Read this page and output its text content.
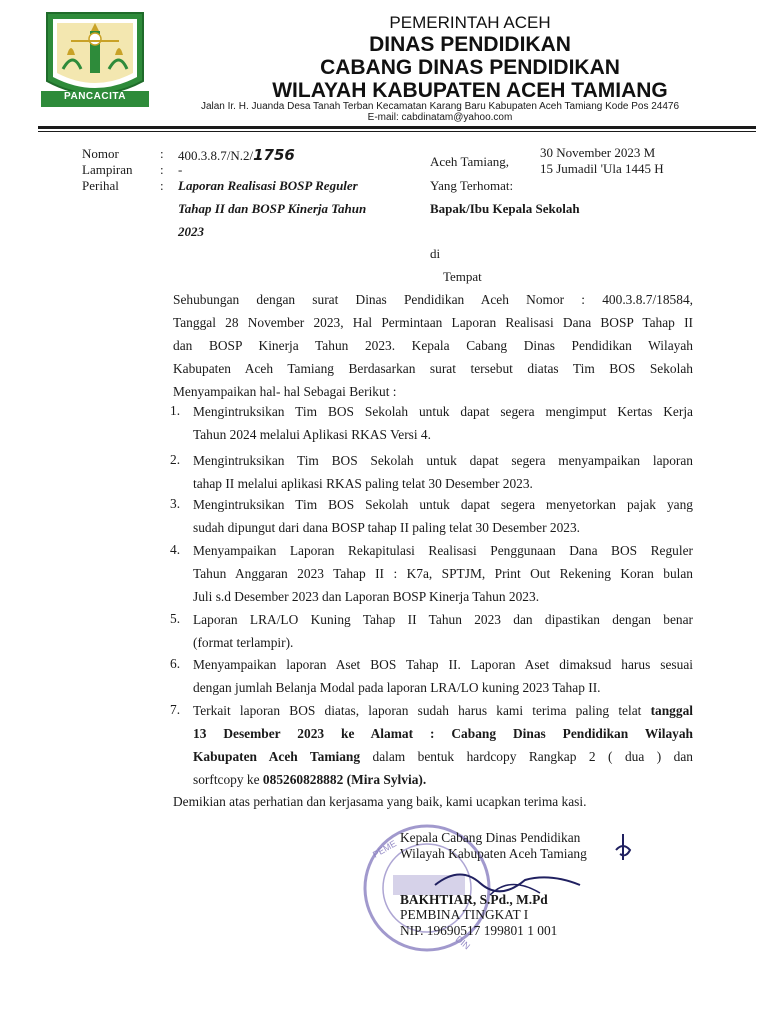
PANCACITA
PEMERINTAH ACEH
DINAS PENDIDIKAN
CABANG DINAS PENDIDIKAN
WILAYAH KABUPATEN ACEH TAMIANG
Jalan Ir. H. Juanda Desa Tanah Terban Kecamatan Karang Baru Kabupaten Aceh Tamiang Kode Pos 24476
E-mail: cabdinatam@yahoo.com
Nomor	: 400.3.8.7/N.2/1756
Lampiran : -
Perihal	: Laporan Realisasi BOSP Reguler
Tahap II dan BOSP Kinerja Tahun
2023
Aceh Tamiang,
30 November 2023 M
15 Jumadil 'Ula 1445 H
Yang Terhomat:
Bapak/Ibu Kepala Sekolah
di
Tempat
Sehubungan dengan surat Dinas Pendidikan Aceh Nomor : 400.3.8.7/18584,
Tanggal 28 November 2023, Hal Permintaan Laporan Realisasi Dana BOSP Tahap II
dan BOSP Kinerja Tahun 2023. Kepala Cabang Dinas Pendidikan Wilayah
Kabupaten Aceh Tamiang Berdasarkan surat tersebut diatas Tim BOS Sekolah
Menyampaikan hal- hal Sebagai Berikut :
1. Mengintruksikan Tim BOS Sekolah untuk dapat segera mengimput Kertas Kerja
Tahun 2024 melalui Aplikasi RKAS Versi 4.
2. Mengintruksikan Tim BOS Sekolah untuk dapat segera menyampaikan laporan
tahap II melalui aplikasi RKAS paling telat 30 Desember 2023.
3. Mengintruksikan Tim BOS Sekolah untuk dapat segera menyetorkan pajak yang
sudah dipungut dari dana BOSP tahap II paling telat 30 Desember 2023.
4. Menyampaikan Laporan Rekapitulasi Realisasi Penggunaan Dana BOS Reguler
Tahun Anggaran 2023 Tahap II : K7a, SPTJM, Print Out Rekening Koran bulan
Juli s.d Desember 2023 dan Laporan BOSP Kinerja Tahun 2023.
5. Laporan LRA/LO Kuning Tahap II Tahun 2023 dan dipastikan dengan benar
(format terlampir).
6. Menyampaikan laporan Aset BOS Tahap II. Laporan Aset dimaksud harus sesuai
dengan jumlah Belanja Modal pada laporan LRA/LO kuning 2023 Tahap II.
7. Terkait laporan BOS diatas, laporan sudah harus kami terima paling telat tanggal
13 Desember 2023 ke Alamat : Cabang Dinas Pendidikan Wilayah
Kabupaten Aceh Tamiang dalam bentuk hardcopy Rangkap 2 ( dua ) dan
sorftcopy ke 085260828882 (Mira Sylvia).
Demikian atas perhatian dan kerjasama yang baik, kami ucapkan terima kasi.
PEME
DIN
Kepala Cabang Dinas Pendidikan
Wilayah Kabupaten Aceh Tamiang
BAKHTIAR, S.Pd., M.Pd
PEMBINA TINGKAT I
NIP. 19690517 199801 1 001
